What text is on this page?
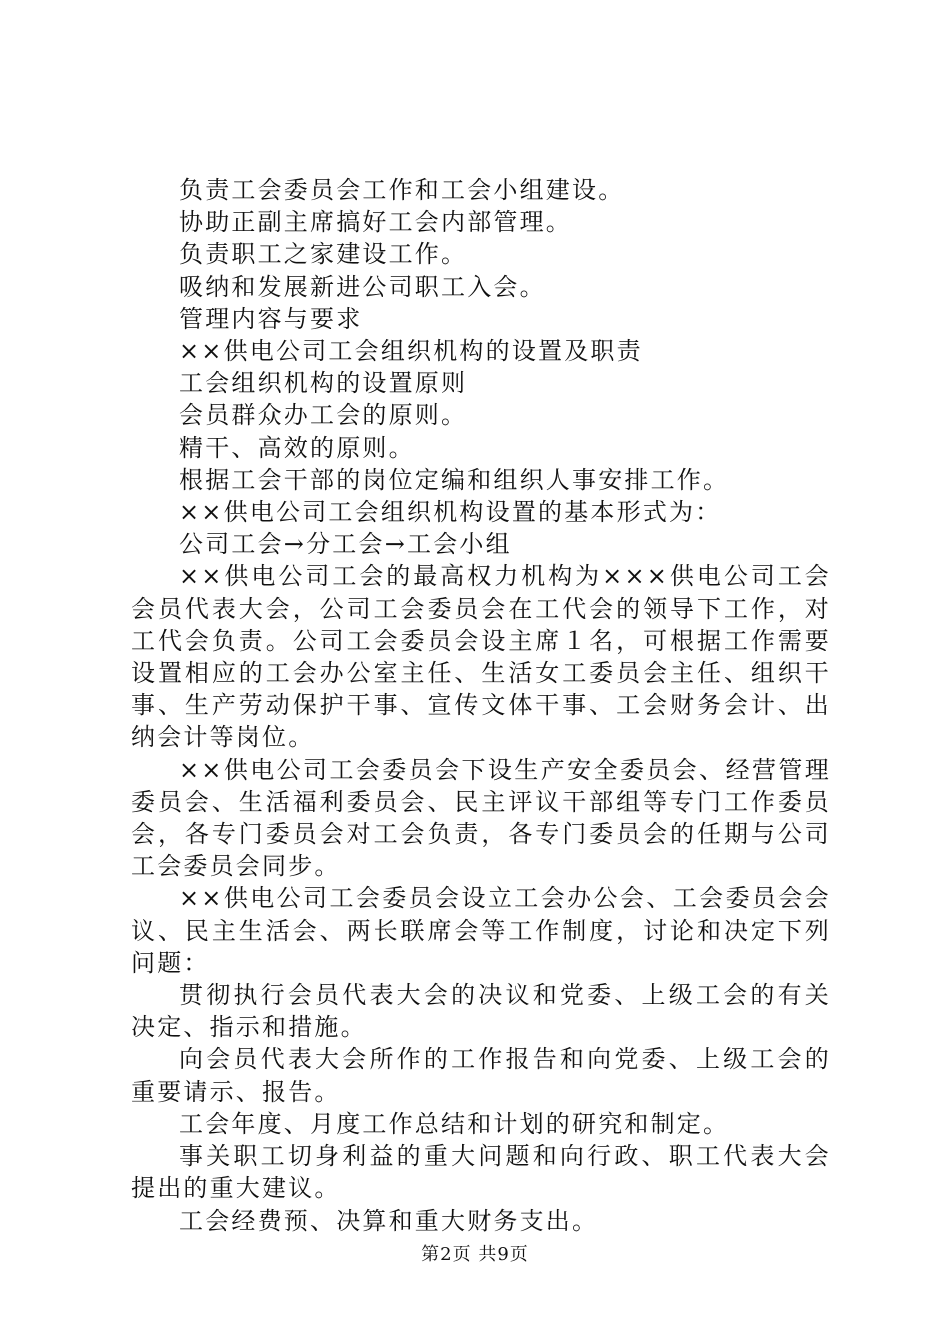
负责工会委员会工作和工会小组建设。

协助正副主席搞好工会内部管理。

负责职工之家建设工作。

吸纳和发展新进公司职工入会。

管理内容与要求

××供电公司工会组织机构的设置及职责

工会组织机构的设置原则

会员群众办工会的原则。

精干、高效的原则。

根据工会干部的岗位定编和组织人事安排工作。

××供电公司工会组织机构设置的基本形式为：

公司工会→分工会→工会小组

××供电公司工会的最高权力机构为×××供电公司工会会员代表大会，公司工会委员会在工代会的领导下工作，对工代会负责。公司工会委员会设主席１名，可根据工作需要设置相应的工会办公室主任、生活女工委员会主任、组织干事、生产劳动保护干事、宣传文体干事、工会财务会计、出纳会计等岗位。

××供电公司工会委员会下设生产安全委员会、经营管理委员会、生活福利委员会、民主评议干部组等专门工作委员会，各专门委员会对工会负责，各专门委员会的任期与公司工会委员会同步。

××供电公司工会委员会设立工会办公会、工会委员会会议、民主生活会、两长联席会等工作制度，讨论和决定下列问题：

贯彻执行会员代表大会的决议和党委、上级工会的有关决定、指示和措施。

向会员代表大会所作的工作报告和向党委、上级工会的重要请示、报告。

工会年度、月度工作总结和计划的研究和制定。

事关职工切身利益的重大问题和向行政、职工代表大会提出的重大建议。

工会经费预、决算和重大财务支出。

第2页 共9页
